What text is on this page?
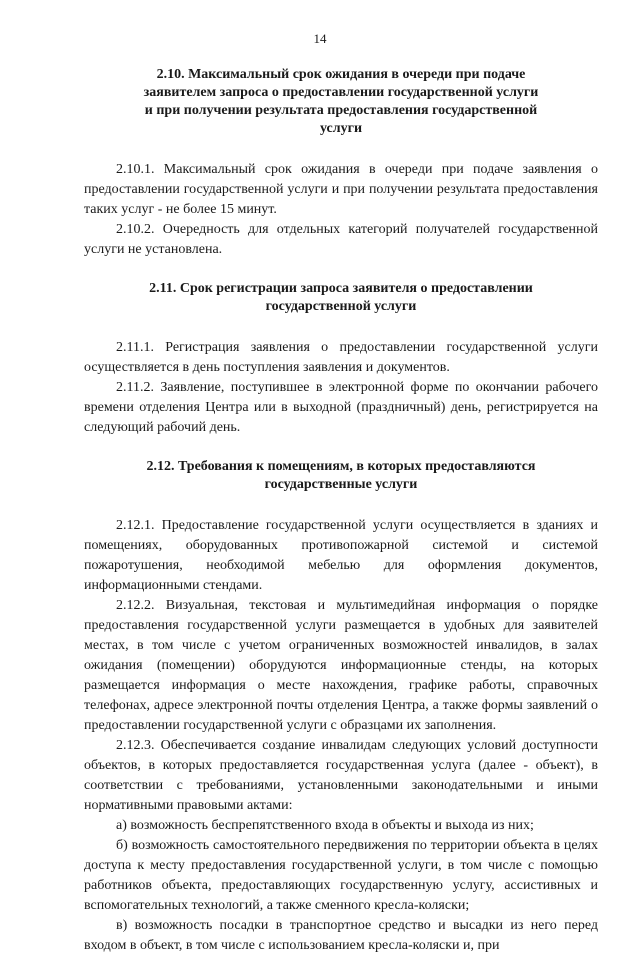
14
2.10. Максимальный срок ожидания в очереди при подаче
заявителем запроса о предоставлении государственной услуги
и при получении результата предоставления государственной
услуги

2.10.1. Максимальный срок ожидания в очереди при подаче заявления о предоставлении государственной услуги и при получении результата предоставления таких услуг - не более 15 минут.

2.10.2. Очередность для отдельных категорий получателей государственной услуги не установлена.

2.11. Срок регистрации запроса заявителя о предоставлении
государственной услуги

2.11.1. Регистрация заявления о предоставлении государственной услуги осуществляется в день поступления заявления и документов.

2.11.2. Заявление, поступившее в электронной форме по окончании рабочего времени отделения Центра или в выходной (праздничный) день, регистрируется на следующий рабочий день.

2.12. Требования к помещениям, в которых предоставляются
государственные услуги

2.12.1. Предоставление государственной услуги осуществляется в зданиях и помещениях, оборудованных противопожарной системой и системой пожаротушения, необходимой мебелью для оформления документов, информационными стендами.

2.12.2. Визуальная, текстовая и мультимедийная информация о порядке предоставления государственной услуги размещается в удобных для заявителей местах, в том числе с учетом ограниченных возможностей инвалидов, в залах ожидания (помещении) оборудуются информационные стенды, на которых размещается информация о месте нахождения, графике работы, справочных телефонах, адресе электронной почты отделения Центра, а также формы заявлений о предоставлении государственной услуги с образцами их заполнения.

2.12.3. Обеспечивается создание инвалидам следующих условий доступности объектов, в которых предоставляется государственная услуга (далее - объект), в соответствии с требованиями, установленными законодательными и иными нормативными правовыми актами:

а) возможность беспрепятственного входа в объекты и выхода из них;

б) возможность самостоятельного передвижения по территории объекта в целях доступа к месту предоставления государственной услуги, в том числе с помощью работников объекта, предоставляющих государственную услугу, ассистивных и вспомогательных технологий, а также сменного кресла-коляски;

в) возможность посадки в транспортное средство и высадки из него перед входом в объект, в том числе с использованием кресла-коляски и, при
